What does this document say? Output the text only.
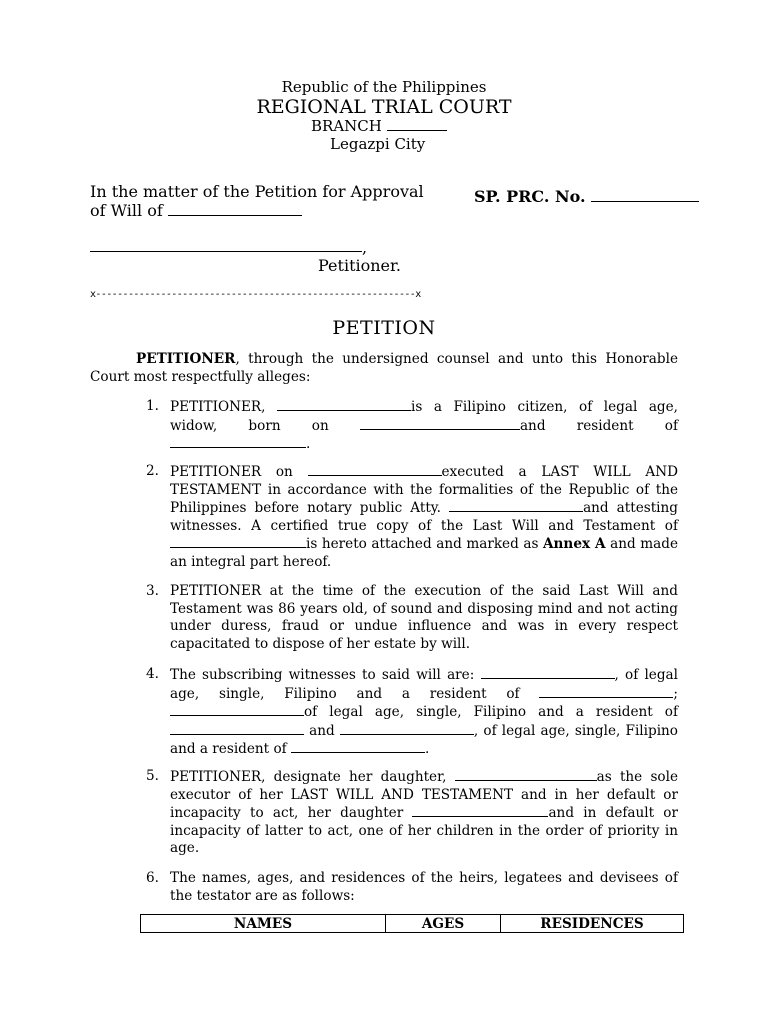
Republic of the Philippines
REGIONAL TRIAL COURT
BRANCH
Legazpi City
In the matter of the Petition for Approval
of Will of
SP. PRC. No.
,
Petitioner.
x-----------------------------------------------------------x
PETITION
PETITIONER, through the undersigned counsel and unto this Honorable Court most respectfully alleges:
1. PETITIONER,	is a Filipino citizen, of legal age, widow, born on	and resident of .
2. PETITIONER on	executed a LAST WILL AND TESTAMENT in accordance with the formalities of the Republic of the Philippines before notary public Atty.	and attesting witnesses. A certified true copy of the Last Will and Testament of is hereto attached and marked as Annex A and made an integral part hereof.
3. PETITIONER at the time of the execution of the said Last Will and Testament was 86 years old, of sound and disposing mind and not acting under duress, fraud or undue influence and was in every respect capacitated to dispose of her estate by will.
4. The subscribing witnesses to said will are:	, of legal age, single, Filipino and a resident of	; of legal age, single, Filipino and a resident of  and	, of legal age, single, Filipino and a resident of	.
5. PETITIONER, designate her daughter,	as the sole executor of her LAST WILL AND TESTAMENT and in her default or incapacity to act, her daughter	and in default or incapacity of latter to act, one of her children in the order of priority in age.
6. The names, ages, and residences of the heirs, legatees and devisees of the testator are as follows:
NAMES	AGES	RESIDENCES
